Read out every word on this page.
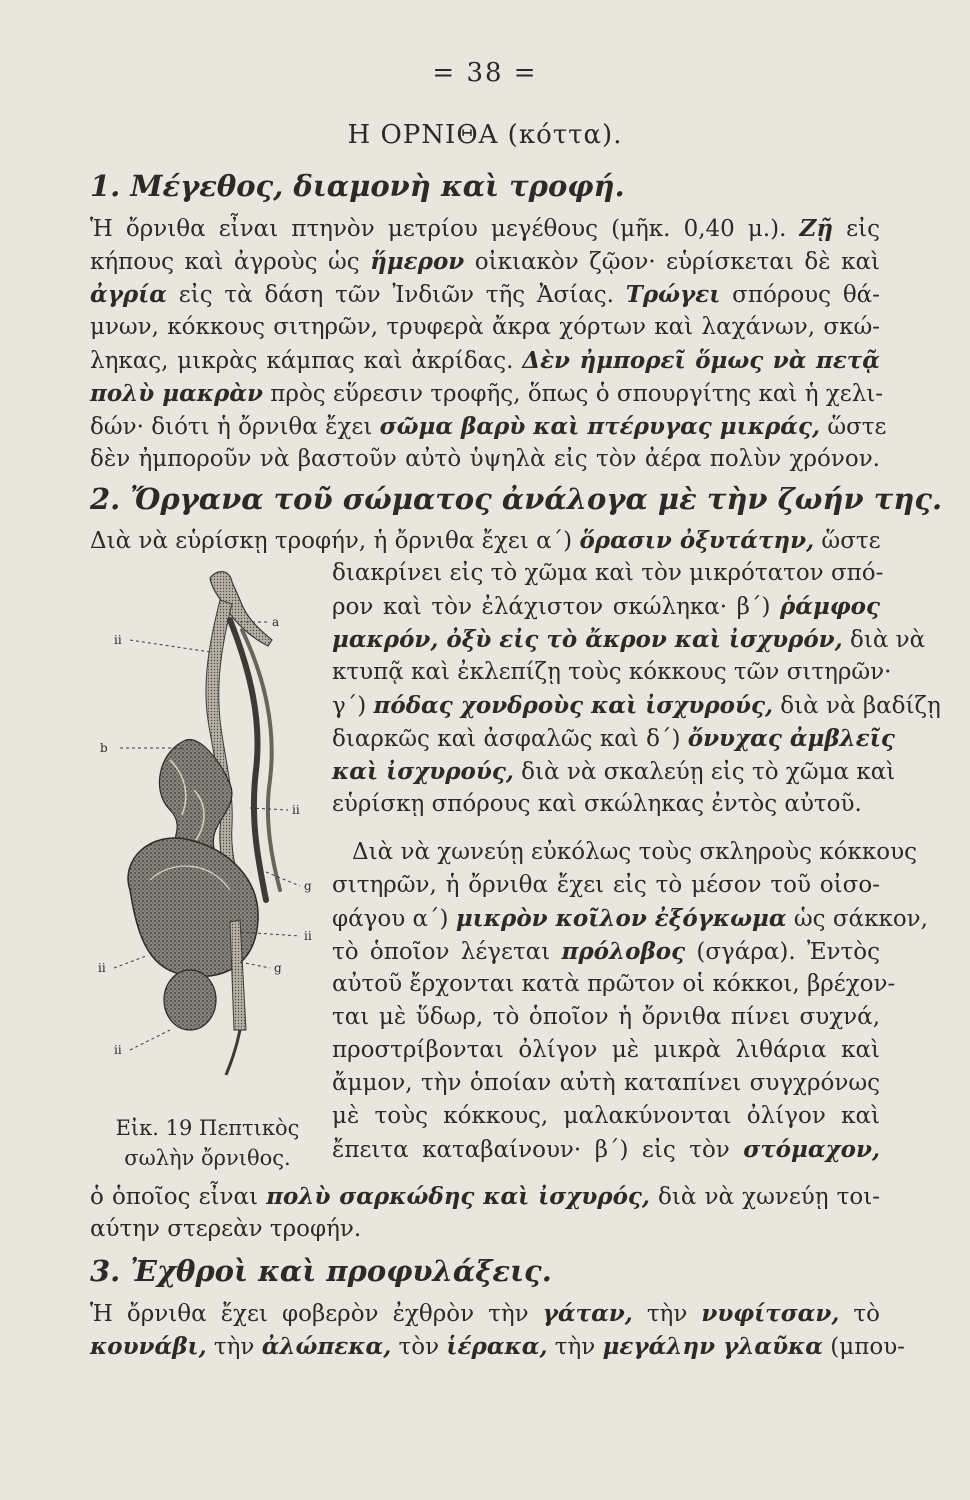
= 38 =
Η ΟΡΝΙΘΑ (κόττα).
1. Μέγεθος, διαμονὴ καὶ τροφή.
Ἡ ὄρνιθα εἶναι πτηνὸν μετρίου μεγέθους (μῆκ. 0,40 μ.). Ζῇ εἰς
κήπους καὶ ἀγροὺς ὡς ἥμερον οἰκιακὸν ζῷον· εὑρίσκεται δὲ καὶ
ἀγρία εἰς τὰ δάση τῶν Ἰνδιῶν τῆς Ἀσίας. Τρώγει σπόρους θά-
μνων, κόκκους σιτηρῶν, τρυφερὰ ἄκρα χόρτων καὶ λαχάνων, σκώ-
ληκας, μικρὰς κάμπας καὶ ἀκρίδας. Δὲν ἠμπορεῖ ὅμως νὰ πετᾷ
πολὺ μακρὰν πρὸς εὕρεσιν τροφῆς, ὅπως ὁ σπουργίτης καὶ ἡ χελι-
δών· διότι ἡ ὄρνιθα ἔχει σῶμα βαρὺ καὶ πτέρυγας μικράς, ὥστε
δὲν ἠμποροῦν νὰ βαστοῦν αὐτὸ ὑψηλὰ εἰς τὸν ἀέρα πολὺν χρόνον.
2. Ὄργανα τοῦ σώματος ἀνάλογα μὲ τὴν ζωήν της.
Διὰ νὰ εὑρίσκῃ τροφήν, ἡ ὄρνιθα ἔχει α΄) ὅρασιν ὀξυτάτην, ὥστε
διακρίνει εἰς τὸ χῶμα καὶ τὸν μικρότατον σπό-
ρον καὶ τὸν ἐλάχιστον σκώληκα· β΄) ῥάμφος
μακρόν, ὀξὺ εἰς τὸ ἄκρον καὶ ἰσχυρόν, διὰ νὰ
κτυπᾷ καὶ ἐκλεπίζῃ τοὺς κόκκους τῶν σιτηρῶν·
γ΄) πόδας χονδροὺς καὶ ἰσχυρούς, διὰ νὰ βαδίζῃ
διαρκῶς καὶ ἀσφαλῶς καὶ δ΄) ὄνυχας ἀμβλεῖς
καὶ ἰσχυρούς, διὰ νὰ σκαλεύῃ εἰς τὸ χῶμα καὶ
εὑρίσκῃ σπόρους καὶ σκώληκας ἐντὸς αὐτοῦ.
Διὰ νὰ χωνεύῃ εὐκόλως τοὺς σκληροὺς κόκκους
σιτηρῶν, ἡ ὄρνιθα ἔχει εἰς τὸ μέσον τοῦ οἰσο-
φάγου α΄) μικρὸν κοῖλον ἐξόγκωμα ὡς σάκκον,
τὸ ὁποῖον λέγεται πρόλοβος (σγάρα). Ἐντὸς
αὐτοῦ ἔρχονται κατὰ πρῶτον οἱ κόκκοι, βρέχον-
ται μὲ ὕδωρ, τὸ ὁποῖον ἡ ὄρνιθα πίνει συχνά,
προστρίβονται ὀλίγον μὲ μικρὰ λιθάρια καὶ
ἄμμον, τὴν ὁποίαν αὐτὴ καταπίνει συγχρόνως
μὲ τοὺς κόκκους, μαλακύνονται ὀλίγον καὶ
ἔπειτα καταβαίνουν· β΄) εἰς τὸν στόμαχον,
ὁ ὁποῖος εἶναι πολὺ σαρκώδης καὶ ἰσχυρός, διὰ νὰ χωνεύῃ τοι-
αύτην στερεὰν τροφήν.
3. Ἐχθροὶ καὶ προφυλάξεις.
Ἡ ὄρνιθα ἔχει φοβερὸν ἐχθρὸν τὴν γάταν, τὴν νυφίτσαν, τὸ
κουνάβι, τὴν ἀλώπεκα, τὸν ἱέρακα, τὴν μεγάλην γλαῦκα (μπου-
a
ii
b
ii
g
ii
g
ii
ii
Εἰκ. 19 Πεπτικὸς
σωλὴν ὄρνιθος.
